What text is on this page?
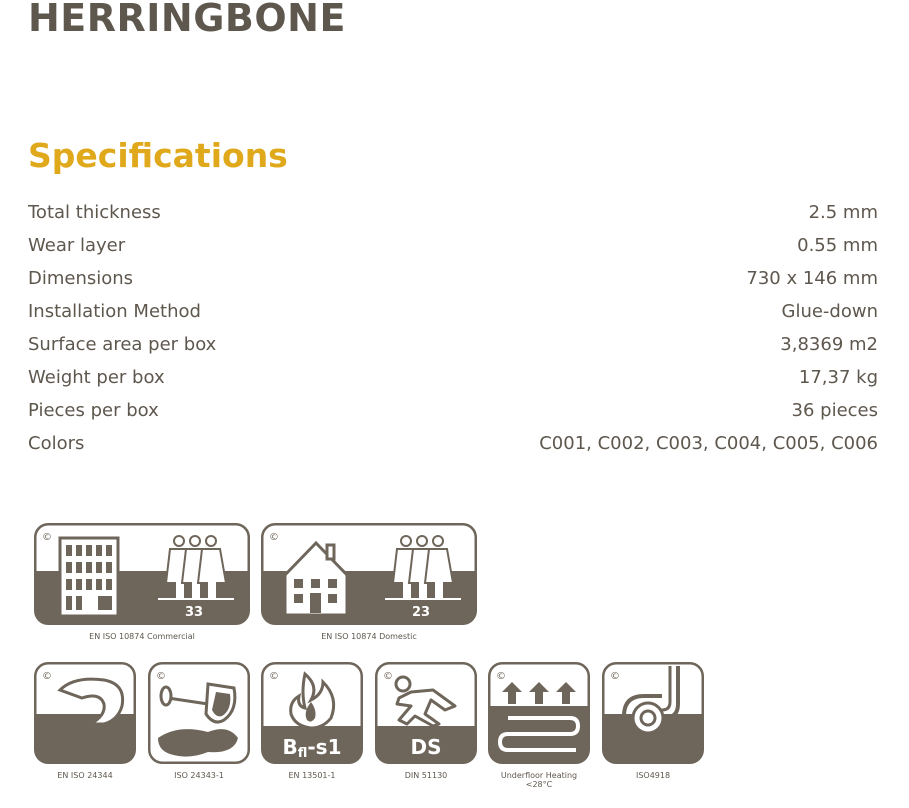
HERRINGBONE
Specifications
Total thickness	2.5 mm
Wear layer	0.55 mm
Dimensions	730 x 146 mm
Installation Method	Glue-down
Surface area per box	3,8369 m2
Weight per box	17,37 kg
Pieces per box	36 pieces
Colors	C001, C002, C003, C004, C005, C006
©
33
EN ISO 10874 Commercial
©
23
EN ISO 10874 Domestic
©
EN ISO 24344
©
ISO 24343-1
©
Bfl-s1
EN 13501-1
©
DS
DIN 51130
©
Underfloor Heating
<28°C
©
ISO4918
